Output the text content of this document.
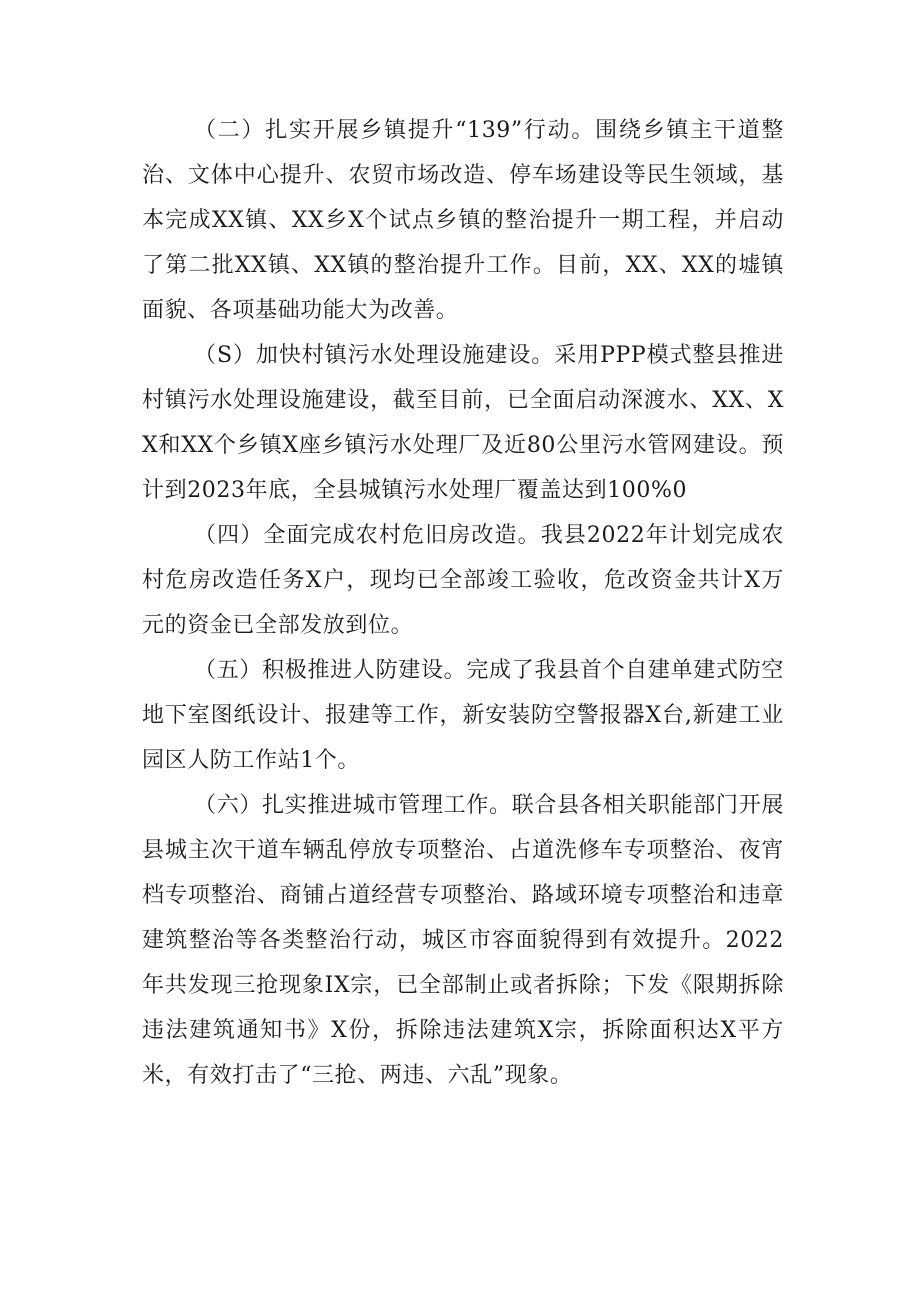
（二）扎实开展乡镇提升“139”行动。围绕乡镇主干道整治、文体中心提升、农贸市场改造、停车场建设等民生领域，基本完成XX镇、XX乡X个试点乡镇的整治提升一期工程，并启动了第二批XX镇、XX镇的整治提升工作。目前，XX、XX的墟镇面貌、各项基础功能大为改善。

（S）加快村镇污水处理设施建设。采用PPP模式整县推进村镇污水处理设施建设，截至目前，已全面启动深渡水、XX、XX和XX个乡镇X座乡镇污水处理厂及近80公里污水管网建设。预计到2023年底，全县城镇污水处理厂覆盖达到100%0

（四）全面完成农村危旧房改造。我县2022年计划完成农村危房改造任务X户，现均已全部竣工验收，危改资金共计X万元的资金已全部发放到位。

（五）积极推进人防建设。完成了我县首个自建单建式防空地下室图纸设计、报建等工作，新安装防空警报器X台,新建工业园区人防工作站1个。

（六）扎实推进城市管理工作。联合县各相关职能部门开展县城主次干道车辆乱停放专项整治、占道洗修车专项整治、夜宵档专项整治、商铺占道经营专项整治、路域环境专项整治和违章建筑整治等各类整治行动，城区市容面貌得到有效提升。2022年共发现三抢现象IX宗，已全部制止或者拆除；下发《限期拆除违法建筑通知书》X份，拆除违法建筑X宗，拆除面积达X平方米，有效打击了“三抢、两违、六乱”现象。
